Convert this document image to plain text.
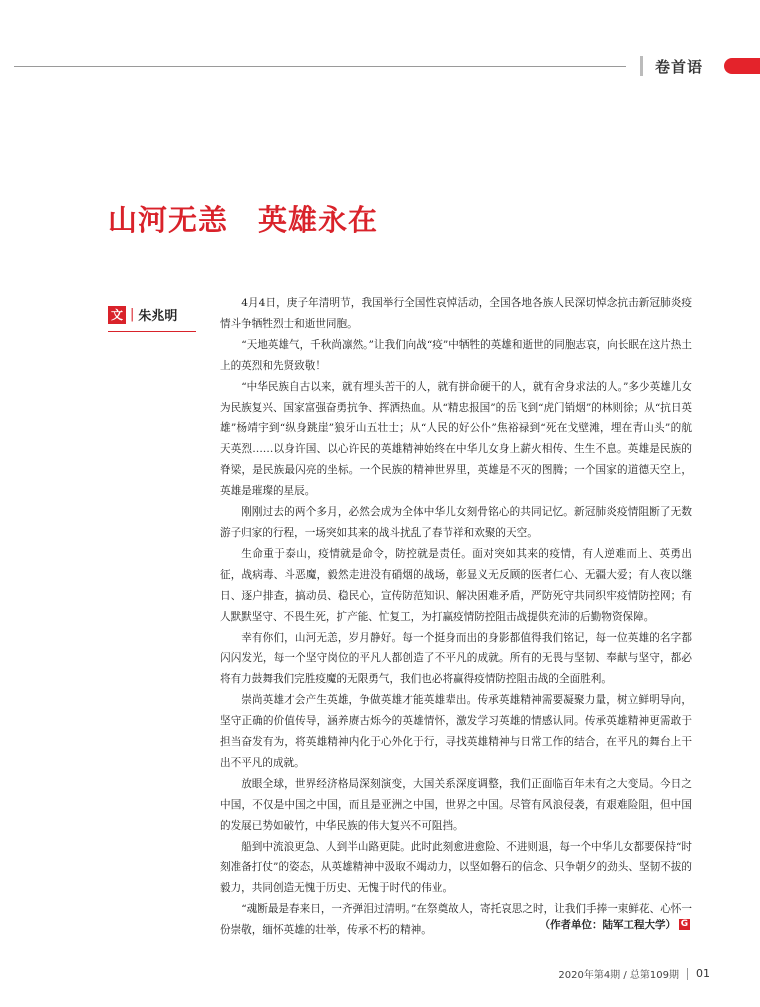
卷首语
山河无恙　英雄永在
文 | 朱兆明

4月4日，庚子年清明节，我国举行全国性哀悼活动，全国各地各族人民深切悼念抗击新冠肺炎疫情斗争牺牲烈士和逝世同胞。

“天地英雄气，千秋尚凛然。”让我们向战“疫”中牺牲的英雄和逝世的同胞志哀，向长眠在这片热土上的英烈和先贤致敬！

“中华民族自古以来，就有埋头苦干的人，就有拼命硬干的人，就有舍身求法的人。”多少英雄儿女为民族复兴、国家富强奋勇抗争、挥洒热血。从“精忠报国”的岳飞到“虎门销烟”的林则徐；从“抗日英雄”杨靖宇到“纵身跳崖”狼牙山五壮士；从“人民的好公仆”焦裕禄到“死在戈壁滩，埋在青山头”的航天英烈……以身许国、以心许民的英雄精神始终在中华儿女身上薪火相传、生生不息。英雄是民族的脊梁，是民族最闪亮的坐标。一个民族的精神世界里，英雄是不灭的图腾；一个国家的道德天空上，英雄是璀璨的星辰。

刚刚过去的两个多月，必然会成为全体中华儿女刻骨铭心的共同记忆。新冠肺炎疫情阻断了无数游子归家的行程，一场突如其来的战斗扰乱了春节祥和欢聚的天空。

生命重于泰山，疫情就是命令，防控就是责任。面对突如其来的疫情，有人逆难而上、英勇出征，战病毒、斗恶魔，毅然走进没有硝烟的战场，彰显义无反顾的医者仁心、无疆大爱；有人夜以继日、逐户排查，搞动员、稳民心，宣传防范知识、解决困难矛盾，严防死守共同织牢疫情防控网；有人默默坚守、不畏生死，扩产能、忙复工，为打赢疫情防控阻击战提供充沛的后勤物资保障。

幸有你们，山河无恙，岁月静好。每一个挺身而出的身影都值得我们铭记，每一位英雄的名字都闪闪发光，每一个坚守岗位的平凡人都创造了不平凡的成就。所有的无畏与坚韧、奉献与坚守，都必将有力鼓舞我们完胜疫魔的无限勇气，我们也必将赢得疫情防控阻击战的全面胜利。

崇尚英雄才会产生英雄，争做英雄才能英雄辈出。传承英雄精神需要凝聚力量，树立鲜明导向，坚守正确的价值传导，涵养赓古烁今的英雄情怀，激发学习英雄的情感认同。传承英雄精神更需敢于担当奋发有为，将英雄精神内化于心外化于行，寻找英雄精神与日常工作的结合，在平凡的舞台上干出不平凡的成就。

放眼全球，世界经济格局深刻演变，大国关系深度调整，我们正面临百年未有之大变局。今日之中国，不仅是中国之中国，而且是亚洲之中国，世界之中国。尽管有风浪侵袭，有艰难险阻，但中国的发展已势如破竹，中华民族的伟大复兴不可阻挡。

船到中流浪更急、人到半山路更陡。此时此刻愈进愈险、不进则退，每一个中华儿女都要保持“时刻准备打仗”的姿态，从英雄精神中汲取不竭动力，以坚如磐石的信念、只争朝夕的劲头、坚韧不拔的毅力，共同创造无愧于历史、无愧于时代的伟业。

“魂断最是春来日，一齐弹泪过清明。”在祭奠故人，寄托哀思之时，让我们手捧一束鲜花、心怀一份崇敬，缅怀英雄的壮举，传承不朽的精神。	（作者单位：陆军工程大学） G
2020年第4期 / 总第109期 01
